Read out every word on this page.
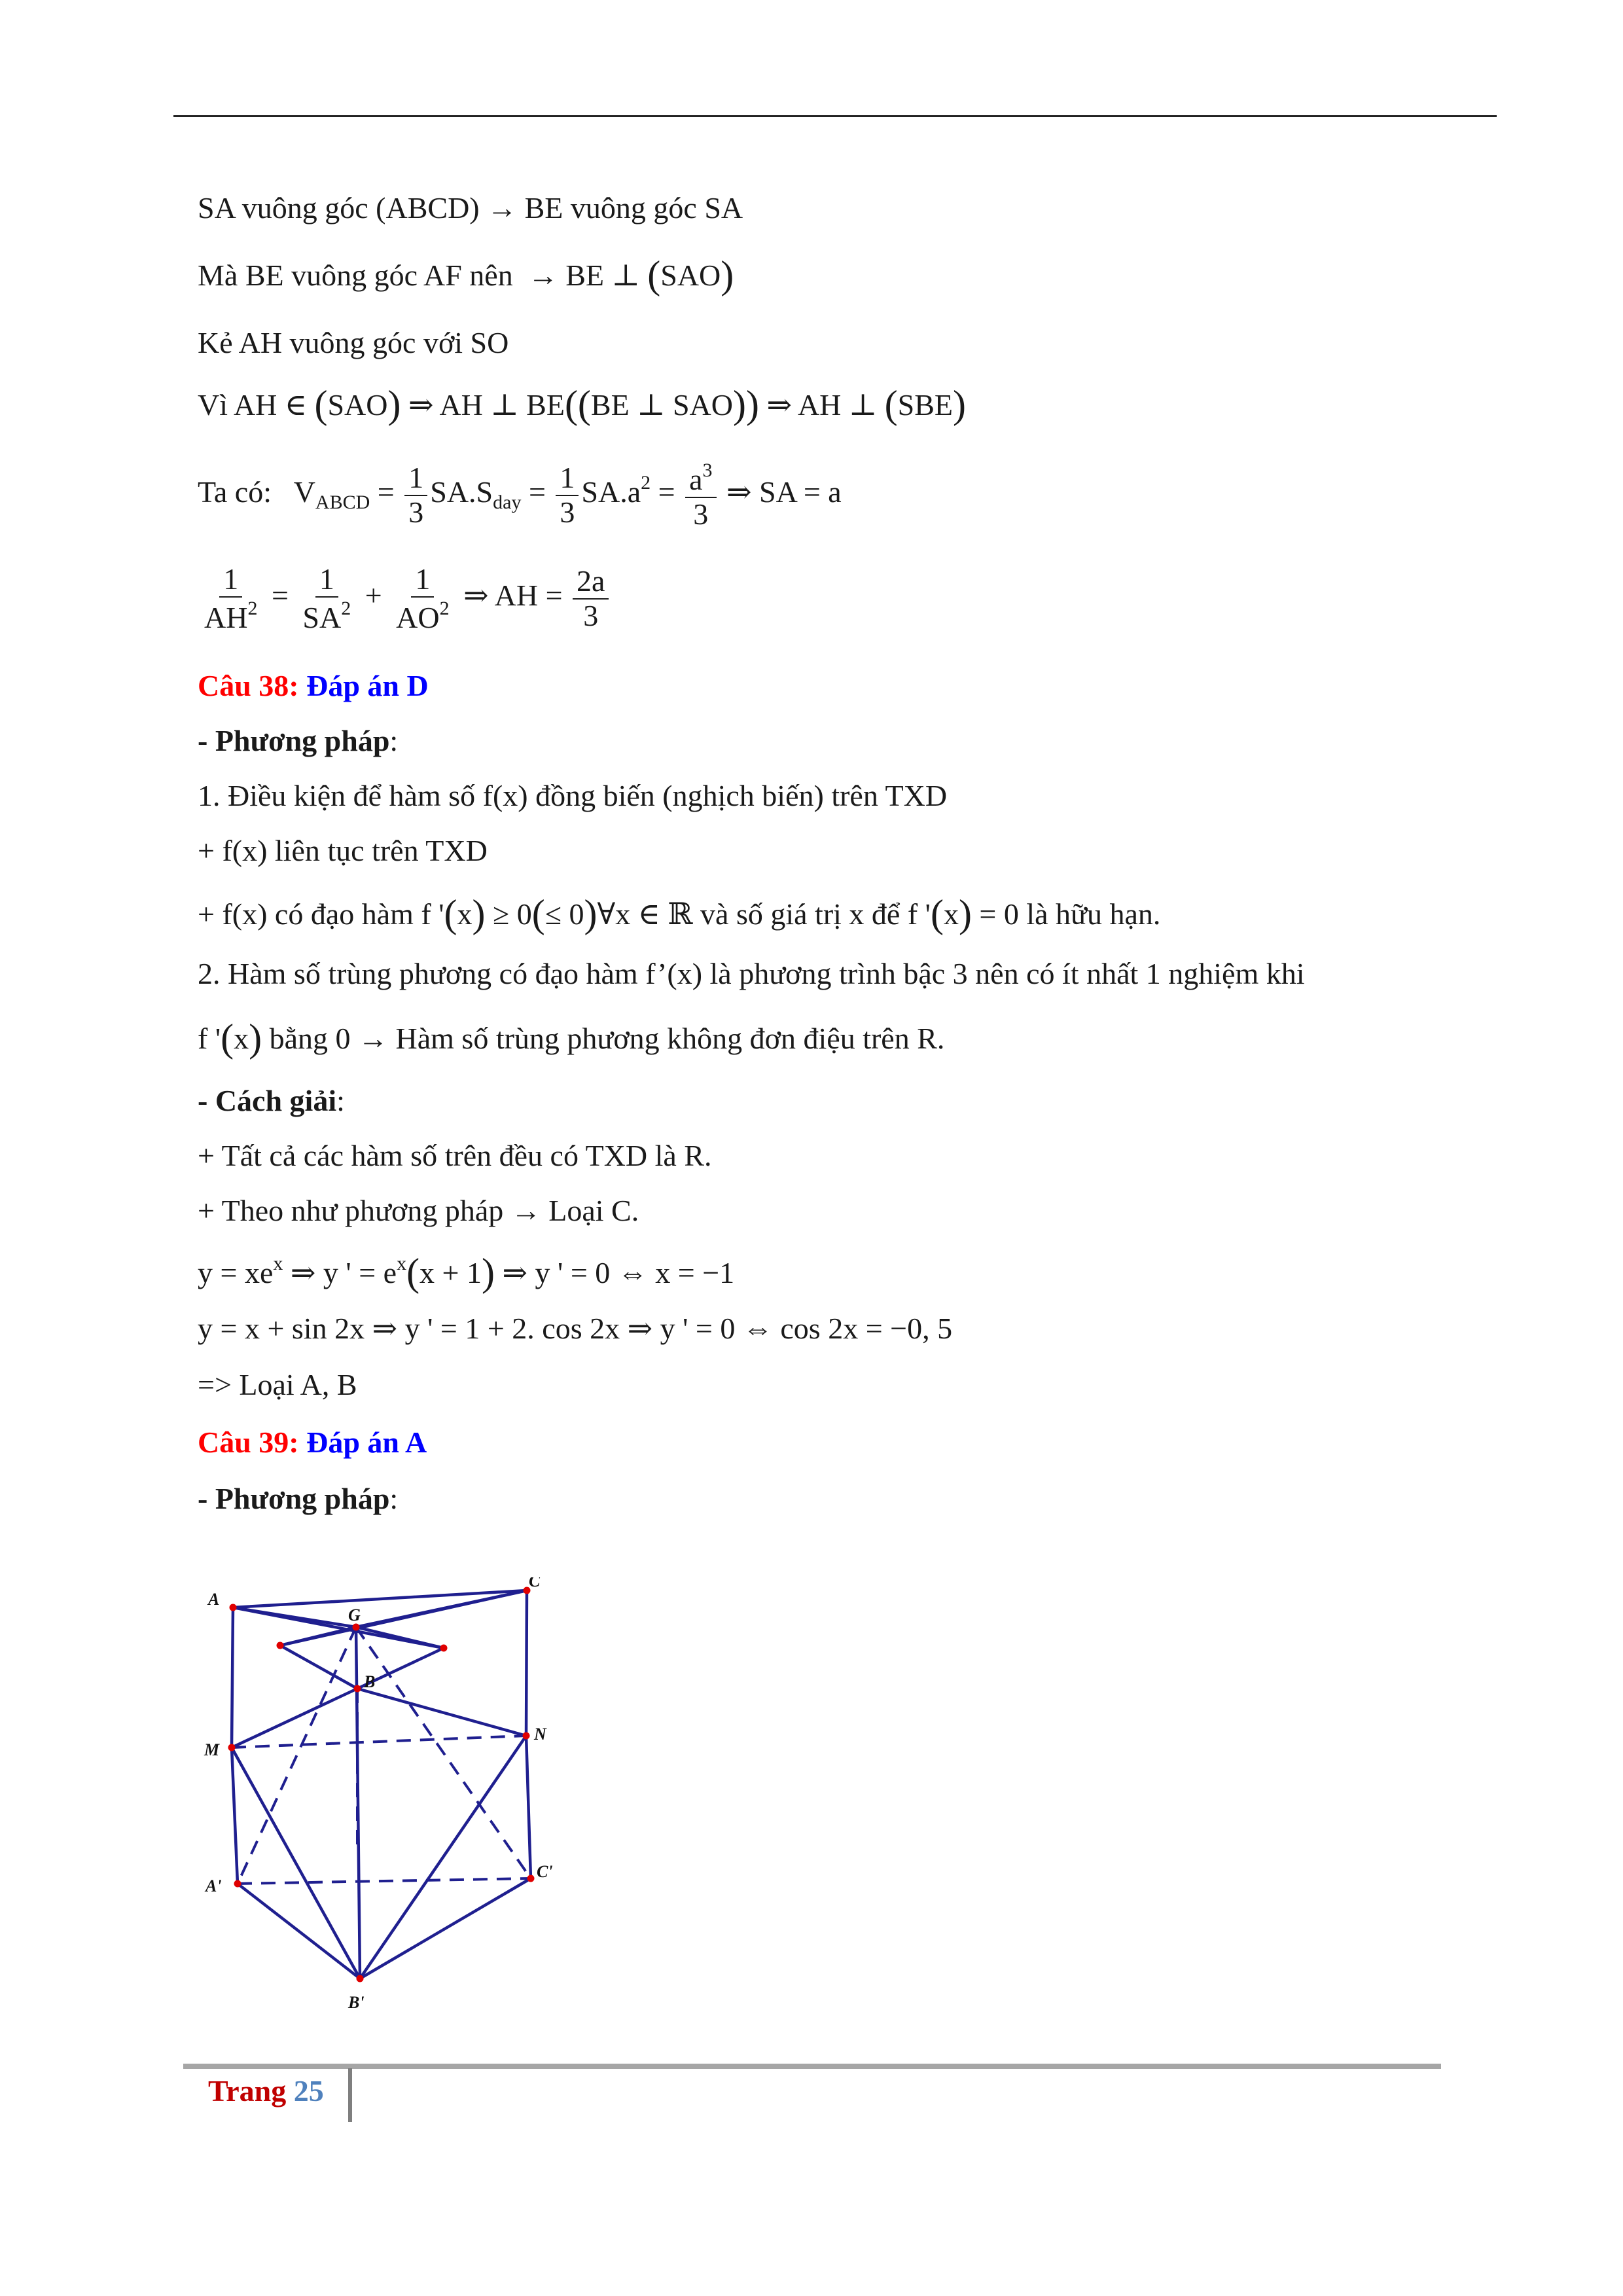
SA vuông góc (ABCD) → BE vuông góc SA
Mà BE vuông góc AF nên → BE ⊥ (SAO)
Kẻ AH vuông góc với SO
Vì AH ∈ (SAO) ⇒ AH ⊥ BE((BE ⊥ SAO)) ⇒ AH ⊥ (SBE)
Ta có: $V_{ABCD} = \frac{1}{3} SA.S_{day} = \frac{1}{3} SA.a^2 = \frac{a^3}{3}$ ⇒ SA = a
$\frac{1}{AH^2} = \frac{1}{SA^2} + \frac{1}{AO^2}$ ⇒ AH = $\frac{2a}{3}$
Câu 38: Đáp án D
- Phương pháp:
1. Điều kiện để hàm số f(x) đồng biến (nghịch biến) trên TXD
+ f(x) liên tục trên TXD
+ f(x) có đạo hàm f '(x) ≥ 0(≤ 0)∀x ∈ ℝ và số giá trị x để f '(x) = 0 là hữu hạn.
2. Hàm số trùng phương có đạo hàm f’(x) là phương trình bậc 3 nên có ít nhất 1 nghiệm khi
f '(x) bằng 0 → Hàm số trùng phương không đơn điệu trên R.
- Cách giải:
+ Tất cả các hàm số trên đều có TXD là R.
+ Theo như phương pháp → Loại C.
$y = xe^x$ ⇒ y ' = $e^x(x + 1)$ ⇒ y ' = 0 ⇔ x = −1
y = x + sin 2x ⇒ y ' = 1 + 2. cos 2x ⇒ y ' = 0 ⇔ cos 2x = −0, 5
=> Loại A, B
Câu 39: Đáp án A
- Phương pháp:
A
C
G
B
M
N
A'
C'
B'
Trang 25
